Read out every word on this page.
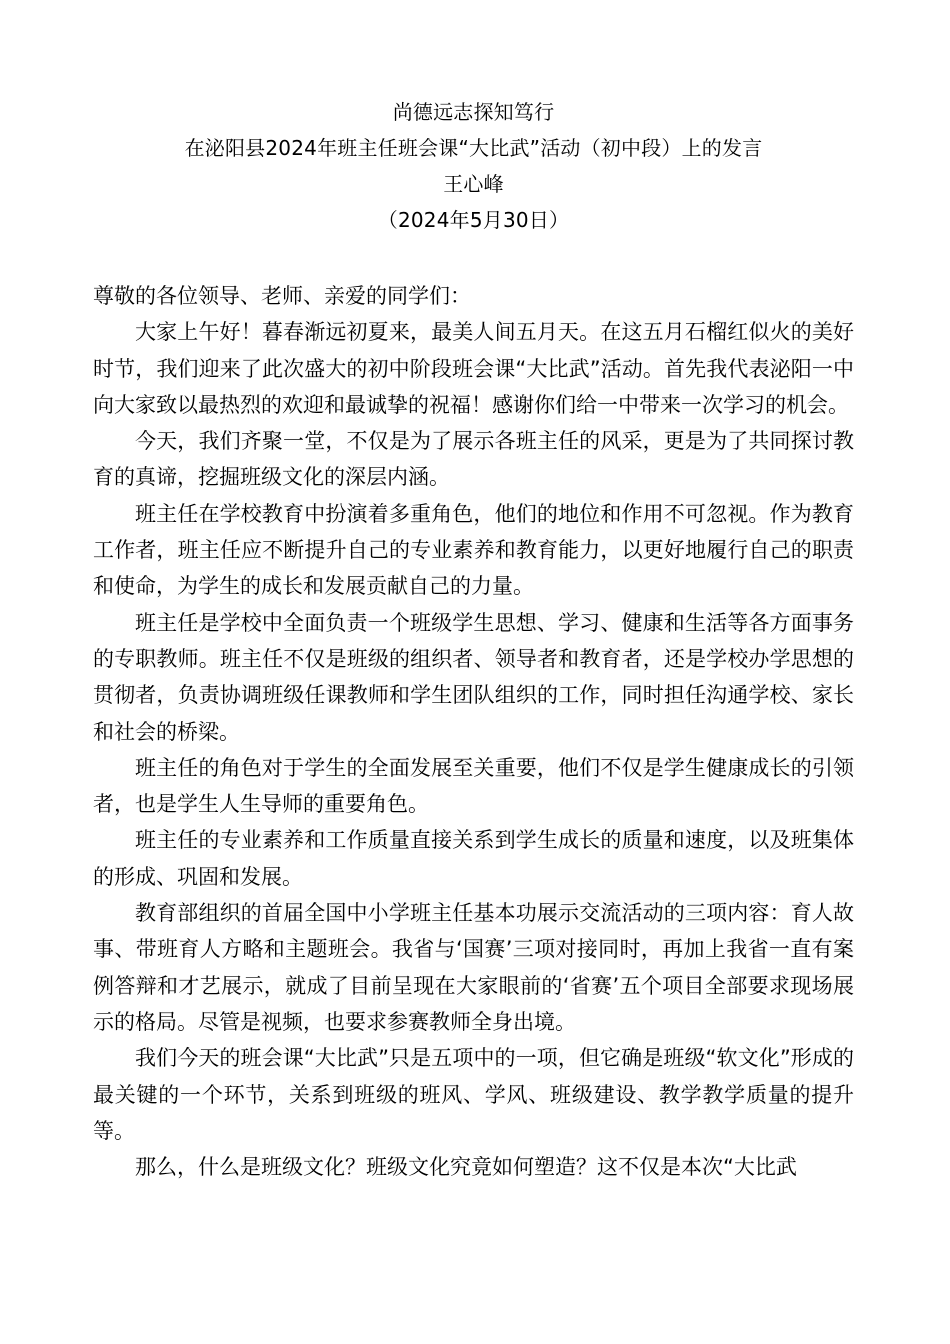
尚德远志探知笃行
在泌阳县2024年班主任班会课“大比武”活动（初中段）上的发言
王心峰
（2024年5月30日）

尊敬的各位领导、老师、亲爱的同学们：

大家上午好！暮春渐远初夏来，最美人间五月天。在这五月石榴红似火的美好时节，我们迎来了此次盛大的初中阶段班会课“大比武”活动。首先我代表泌阳一中向大家致以最热烈的欢迎和最诚挚的祝福！感谢你们给一中带来一次学习的机会。

今天，我们齐聚一堂，不仅是为了展示各班主任的风采，更是为了共同探讨教育的真谛，挖掘班级文化的深层内涵。

班主任在学校教育中扮演着多重角色，他们的地位和作用不可忽视。作为教育工作者，班主任应不断提升自己的专业素养和教育能力，以更好地履行自己的职责和使命，为学生的成长和发展贡献自己的力量。

班主任是学校中全面负责一个班级学生思想、学习、健康和生活等各方面事务的专职教师。班主任不仅是班级的组织者、领导者和教育者，还是学校办学思想的贯彻者，负责协调班级任课教师和学生团队组织的工作，同时担任沟通学校、家长和社会的桥梁。

班主任的角色对于学生的全面发展至关重要，他们不仅是学生健康成长的引领者，也是学生人生导师的重要角色。

班主任的专业素养和工作质量直接关系到学生成长的质量和速度，以及班集体的形成、巩固和发展。

教育部组织的首届全国中小学班主任基本功展示交流活动的三项内容：育人故事、带班育人方略和主题班会。我省与‘国赛’三项对接同时，再加上我省一直有案例答辩和才艺展示，就成了目前呈现在大家眼前的‘省赛’五个项目全部要求现场展示的格局。尽管是视频，也要求参赛教师全身出境。

我们今天的班会课“大比武”只是五项中的一项，但它确是班级“软文化”形成的最关键的一个环节，关系到班级的班风、学风、班级建设、教学教学质量的提升等。

那么，什么是班级文化？班级文化究竟如何塑造？这不仅是本次“大比武
